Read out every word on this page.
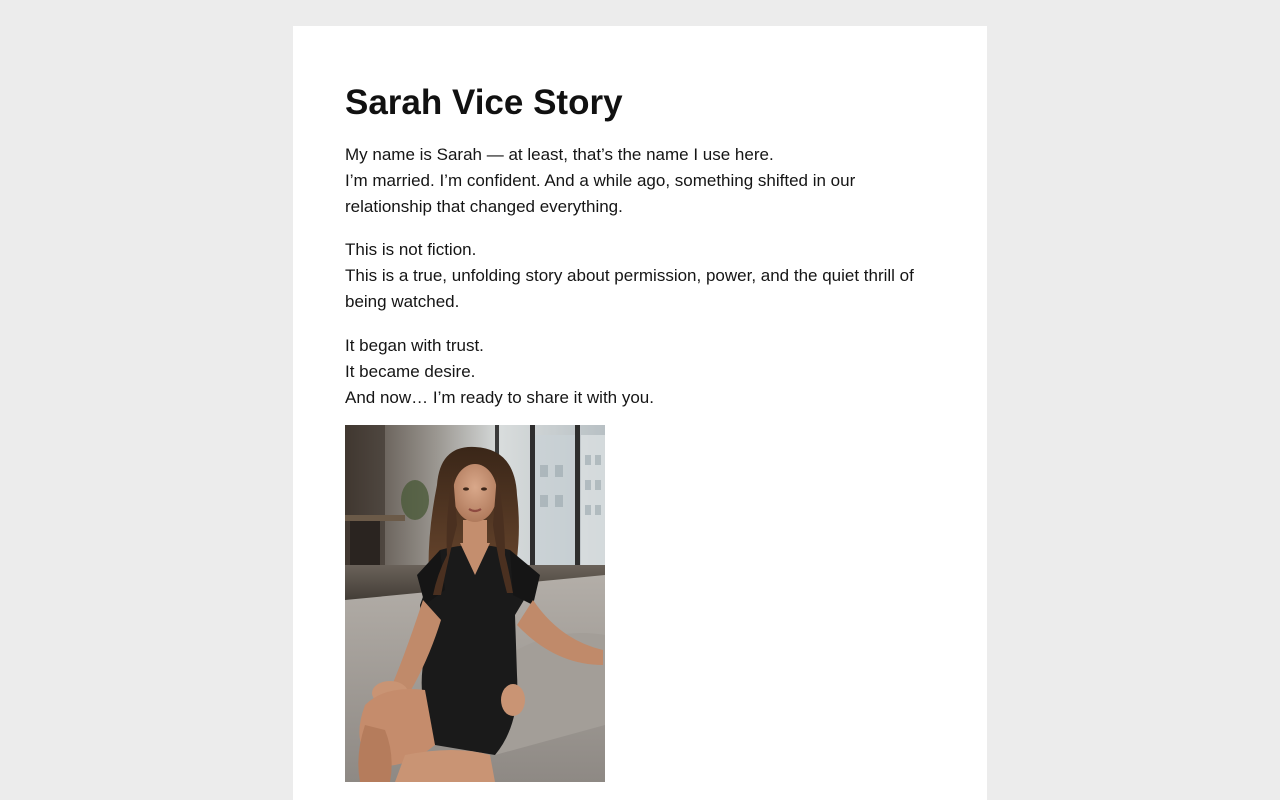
Sarah Vice Story

My name is Sarah — at least, that’s the name I use here.
I’m married. I’m confident. And a while ago, something shifted in our relationship that changed everything.

This is not fiction.
This is a true, unfolding story about permission, power, and the quiet thrill of being watched.

It began with trust.
It became desire.
And now… I’m ready to share it with you.
